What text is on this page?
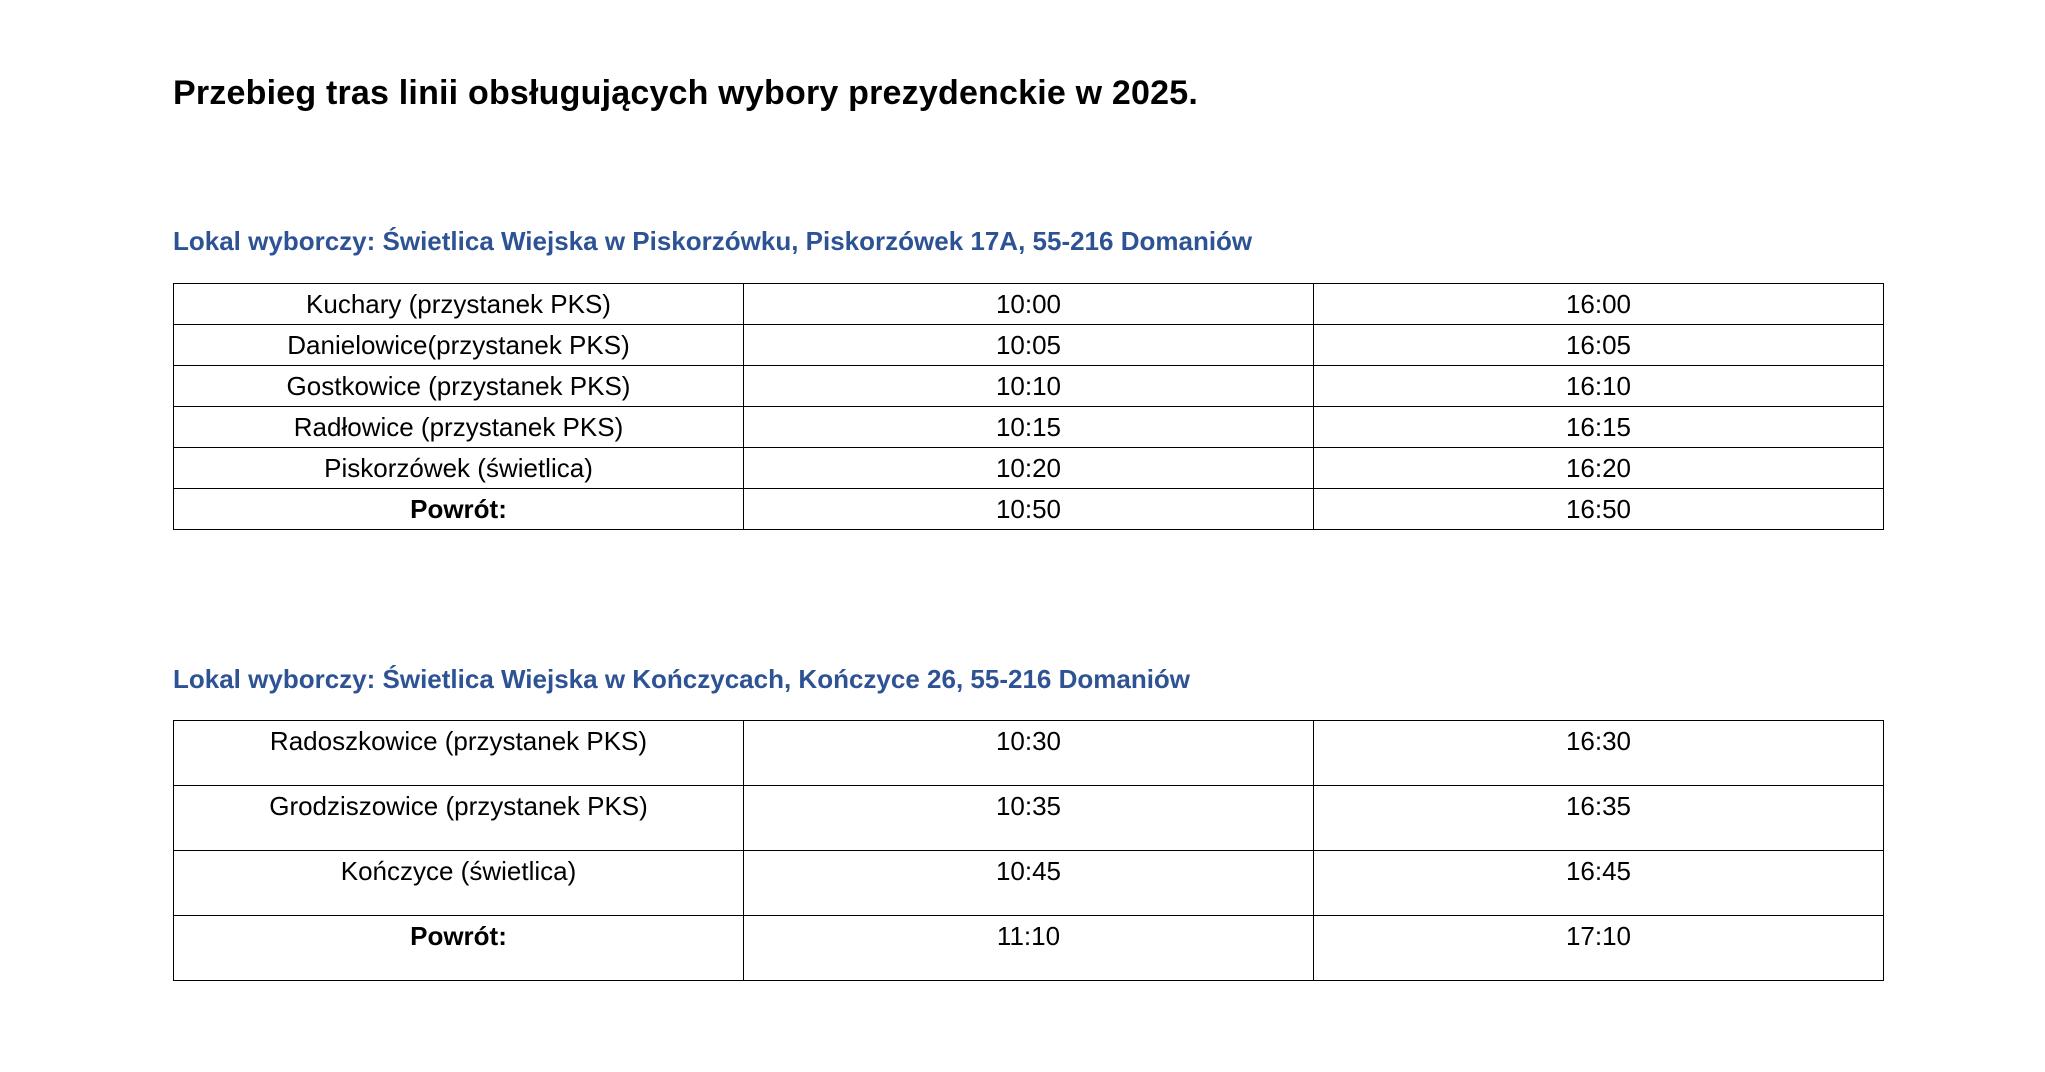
Przebieg tras linii obsługujących wybory prezydenckie w 2025.
Lokal wyborczy: Świetlica Wiejska w Piskorzówku, Piskorzówek 17A, 55-216 Domaniów
Kuchary (przystanek PKS)	10:00	16:00
Danielowice(przystanek PKS)	10:05	16:05
Gostkowice (przystanek PKS)	10:10	16:10
Radłowice (przystanek PKS)	10:15	16:15
Piskorzówek (świetlica)	10:20	16:20
Powrót:	10:50	16:50
Lokal wyborczy: Świetlica Wiejska w Kończycach, Kończyce 26, 55-216 Domaniów
Radoszkowice (przystanek PKS)	10:30	16:30
Grodziszowice (przystanek PKS)	10:35	16:35
Kończyce (świetlica)	10:45	16:45
Powrót:	11:10	17:10
